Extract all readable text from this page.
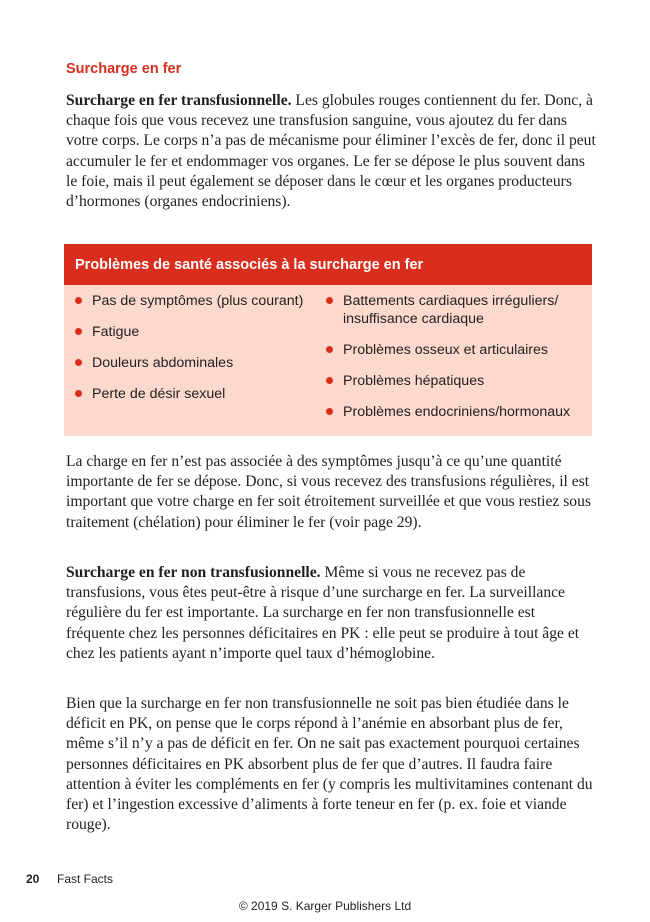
Surcharge en fer

Surcharge en fer transfusionnelle. Les globules rouges contiennent du fer. Donc, à chaque fois que vous recevez une transfusion sanguine, vous ajoutez du fer dans votre corps. Le corps n’a pas de mécanisme pour éliminer l’excès de fer, donc il peut accumuler le fer et endommager vos organes. Le fer se dépose le plus souvent dans le foie, mais il peut également se déposer dans le cœur et les organes producteurs d’hormones (organes endocriniens).

Problèmes de santé associés à la surcharge en fer
Pas de symptômes (plus courant)
Fatigue
Douleurs abdominales
Perte de désir sexuel
Battements cardiaques irréguliers/ insuffisance cardiaque
Problèmes osseux et articulaires
Problèmes hépatiques
Problèmes endocriniens/hormonaux

La charge en fer n’est pas associée à des symptômes jusqu’à ce qu’une quantité importante de fer se dépose. Donc, si vous recevez des transfusions régulières, il est important que votre charge en fer soit étroitement surveillée et que vous restiez sous traitement (chélation) pour éliminer le fer (voir page 29).

Surcharge en fer non transfusionnelle. Même si vous ne recevez pas de transfusions, vous êtes peut-être à risque d’une surcharge en fer. La surveillance régulière du fer est importante. La surcharge en fer non transfusionnelle est fréquente chez les personnes déficitaires en PK : elle peut se produire à tout âge et chez les patients ayant n’importe quel taux d’hémoglobine.

Bien que la surcharge en fer non transfusionnelle ne soit pas bien étudiée dans le déficit en PK, on pense que le corps répond à l’anémie en absorbant plus de fer, même s’il n’y a pas de déficit en fer. On ne sait pas exactement pourquoi certaines personnes déficitaires en PK absorbent plus de fer que d’autres. Il faudra faire attention à éviter les compléments en fer (y compris les multivitamines contenant du fer) et l’ingestion excessive d’aliments à forte teneur en fer (p. ex. foie et viande rouge).

20 Fast Facts
© 2019 S. Karger Publishers Ltd
